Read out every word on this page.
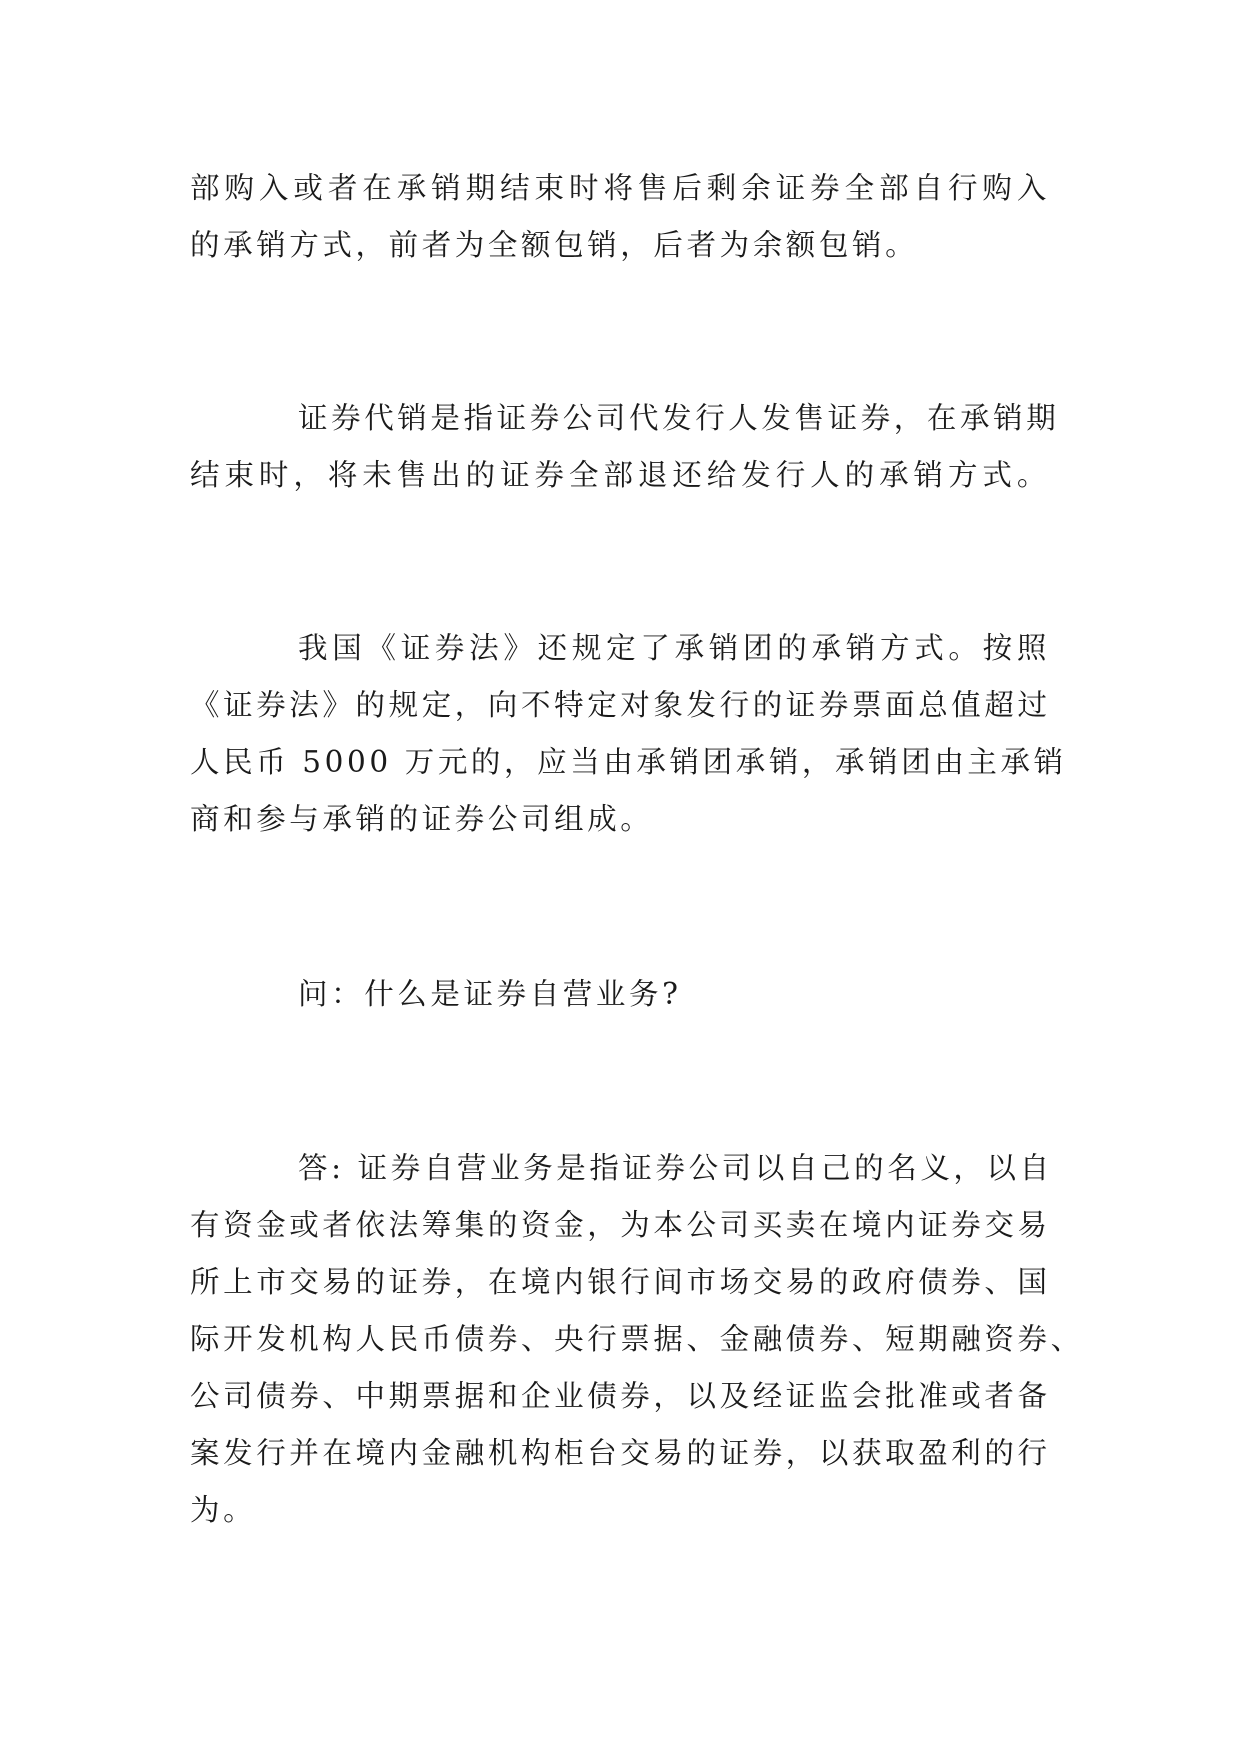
部购入或者在承销期结束时将售后剩余证券全部自行购入
的承销方式，前者为全额包销，后者为余额包销。

证券代销是指证券公司代发行人发售证券，在承销期
结束时，将未售出的证券全部退还给发行人的承销方式。

我国《证券法》还规定了承销团的承销方式。按照
《证券法》的规定，向不特定对象发行的证券票面总值超过
人民币 5000 万元的，应当由承销团承销，承销团由主承销
商和参与承销的证券公司组成。

问：什么是证券自营业务?

答: 证券自营业务是指证券公司以自己的名义，以自
有资金或者依法筹集的资金，为本公司买卖在境内证券交易
所上市交易的证券，在境内银行间市场交易的政府债券、国
际开发机构人民币债券、央行票据、金融债券、短期融资券、
公司债券、中期票据和企业债券，以及经证监会批准或者备
案发行并在境内金融机构柜台交易的证券，以获取盈利的行
为。
